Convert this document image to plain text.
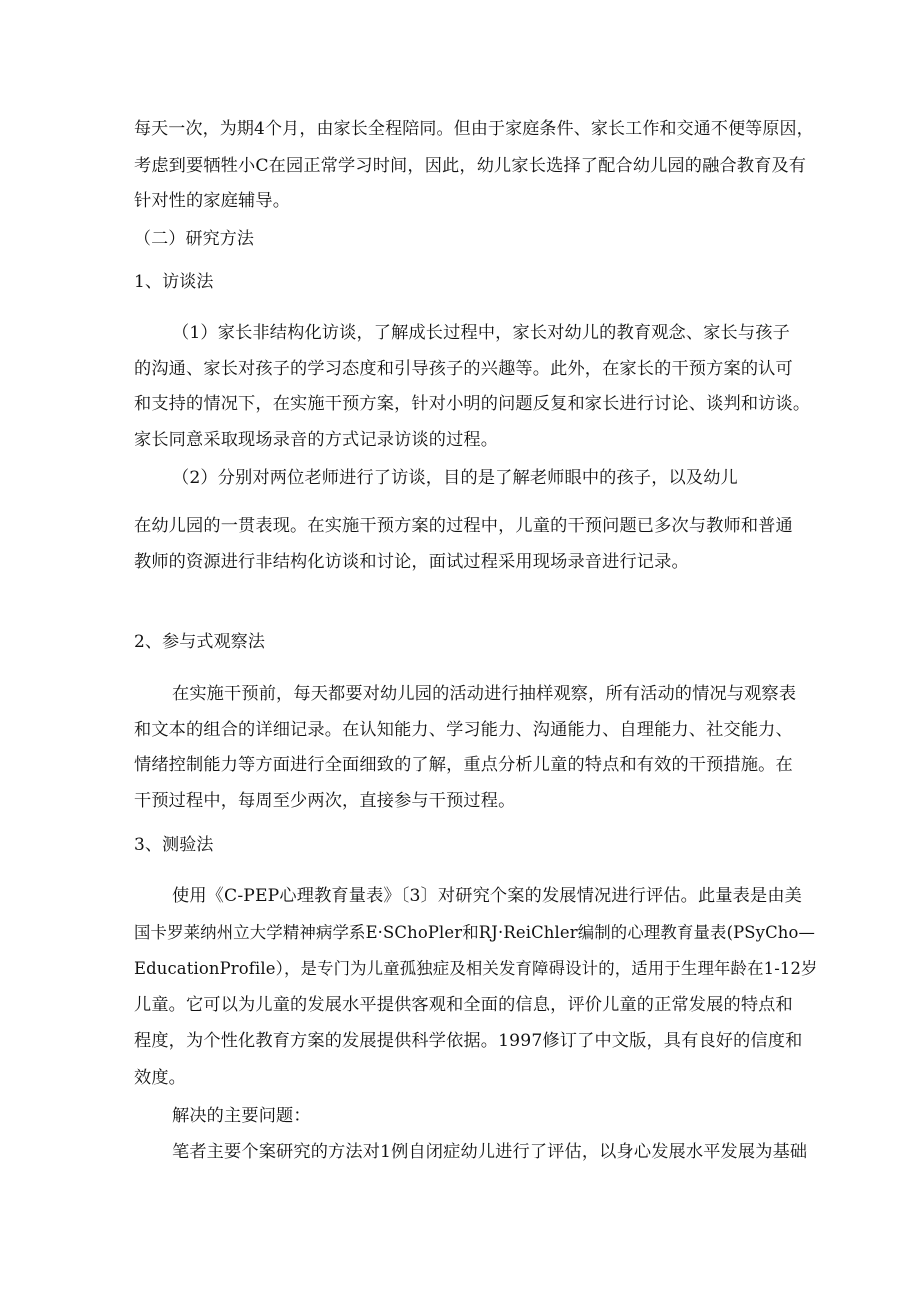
每天一次，为期4个月，由家长全程陪同。但由于家庭条件、家长工作和交通不便等原因，
考虑到要牺牲小C在园正常学习时间，因此，幼儿家长选择了配合幼儿园的融合教育及有
针对性的家庭辅导。
（二）研究方法
1、访谈法
（1）家长非结构化访谈，了解成长过程中，家长对幼儿的教育观念、家长与孩子
的沟通、家长对孩子的学习态度和引导孩子的兴趣等。此外，在家长的干预方案的认可
和支持的情况下，在实施干预方案，针对小明的问题反复和家长进行讨论、谈判和访谈。
家长同意采取现场录音的方式记录访谈的过程。
（2）分别对两位老师进行了访谈，目的是了解老师眼中的孩子，以及幼儿
在幼儿园的一贯表现。在实施干预方案的过程中，儿童的干预问题已多次与教师和普通
教师的资源进行非结构化访谈和讨论，面试过程采用现场录音进行记录。
2、参与式观察法
在实施干预前，每天都要对幼儿园的活动进行抽样观察，所有活动的情况与观察表
和文本的组合的详细记录。在认知能力、学习能力、沟通能力、自理能力、社交能力、
情绪控制能力等方面进行全面细致的了解，重点分析儿童的特点和有效的干预措施。在
干预过程中，每周至少两次，直接参与干预过程。
3、测验法
使用《C-PEP心理教育量表》〔3〕对研究个案的发展情况进行评估。此量表是由美
国卡罗莱纳州立大学精神病学系E·SChoPler和RJ·ReiChler编制的心理教育量表(PSyCho—
EducationProfile），是专门为儿童孤独症及相关发育障碍设计的，适用于生理年龄在1-12岁
儿童。它可以为儿童的发展水平提供客观和全面的信息，评价儿童的正常发展的特点和
程度，为个性化教育方案的发展提供科学依据。1997修订了中文版，具有良好的信度和
效度。
解决的主要问题：
笔者主要个案研究的方法对1例自闭症幼儿进行了评估，以身心发展水平发展为基础
